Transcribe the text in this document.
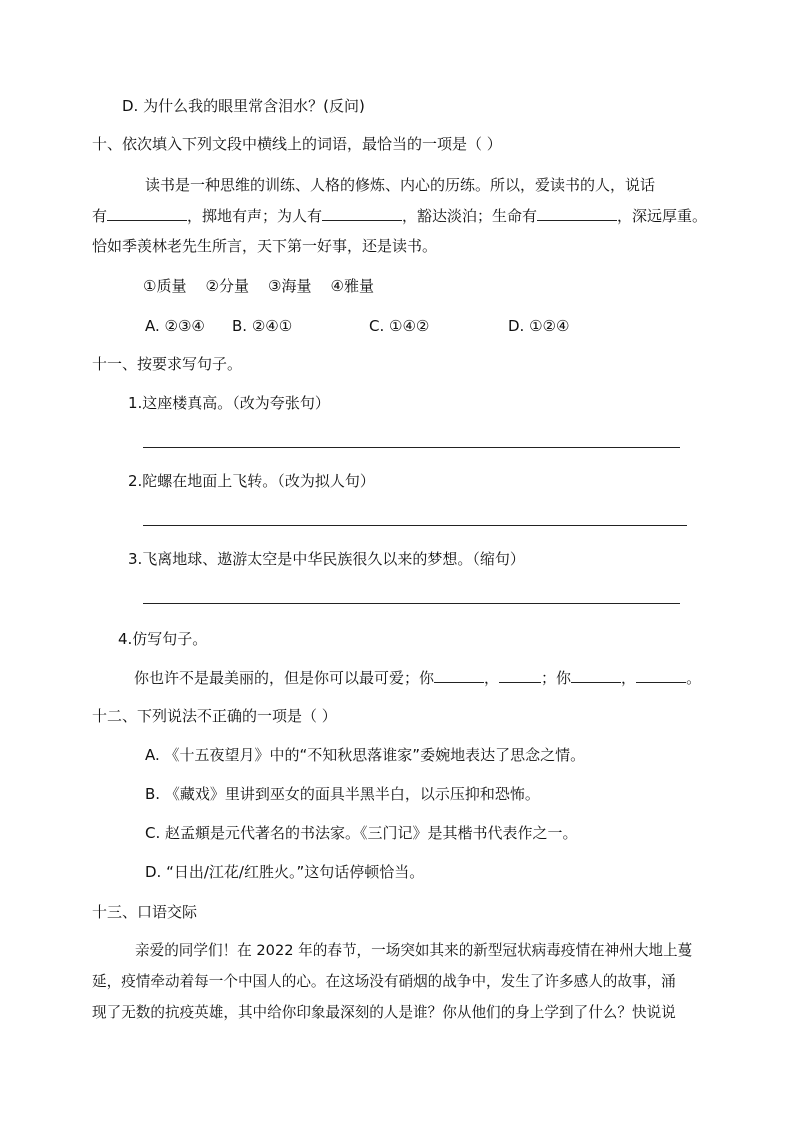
D. 为什么我的眼里常含泪水？(反问)
十、依次填入下列文段中横线上的词语，最恰当的一项是（ ）
读书是一种思维的训练、人格的修炼、内心的历练。所以，爱读书的人，说话
有	，掷地有声；为人有	，豁达淡泊；生命有	，深远厚重。
恰如季羡林老先生所言，天下第一好事，还是读书。
①质量    ②分量    ③海量    ④雅量
A. ②③④ B. ②④①	C. ①④②	D. ①②④
十一、按要求写句子。
1.这座楼真高。（改为夸张句）
2.陀螺在地面上飞转。（改为拟人句）
3.飞离地球、遨游太空是中华民族很久以来的梦想。（缩句）
4.仿写句子。
你也许不是最美丽的，但是你可以最可爱；你	，	；你	，	。
十二、下列说法不正确的一项是（ ）
A. 《十五夜望月》中的“不知秋思落谁家”委婉地表达了思念之情。
B. 《藏戏》里讲到巫女的面具半黑半白，以示压抑和恐怖。
C. 赵孟頫是元代著名的书法家。《三门记》是其楷书代表作之一。
D. “日出/江花/红胜火。”这句话停顿恰当。
十三、口语交际
亲爱的同学们！在 2022 年的春节，一场突如其来的新型冠状病毒疫情在神州大地上蔓
延，疫情牵动着每一个中国人的心。在这场没有硝烟的战争中，发生了许多感人的故事，涌
现了无数的抗疫英雄，其中给你印象最深刻的人是谁？你从他们的身上学到了什么？快说说
